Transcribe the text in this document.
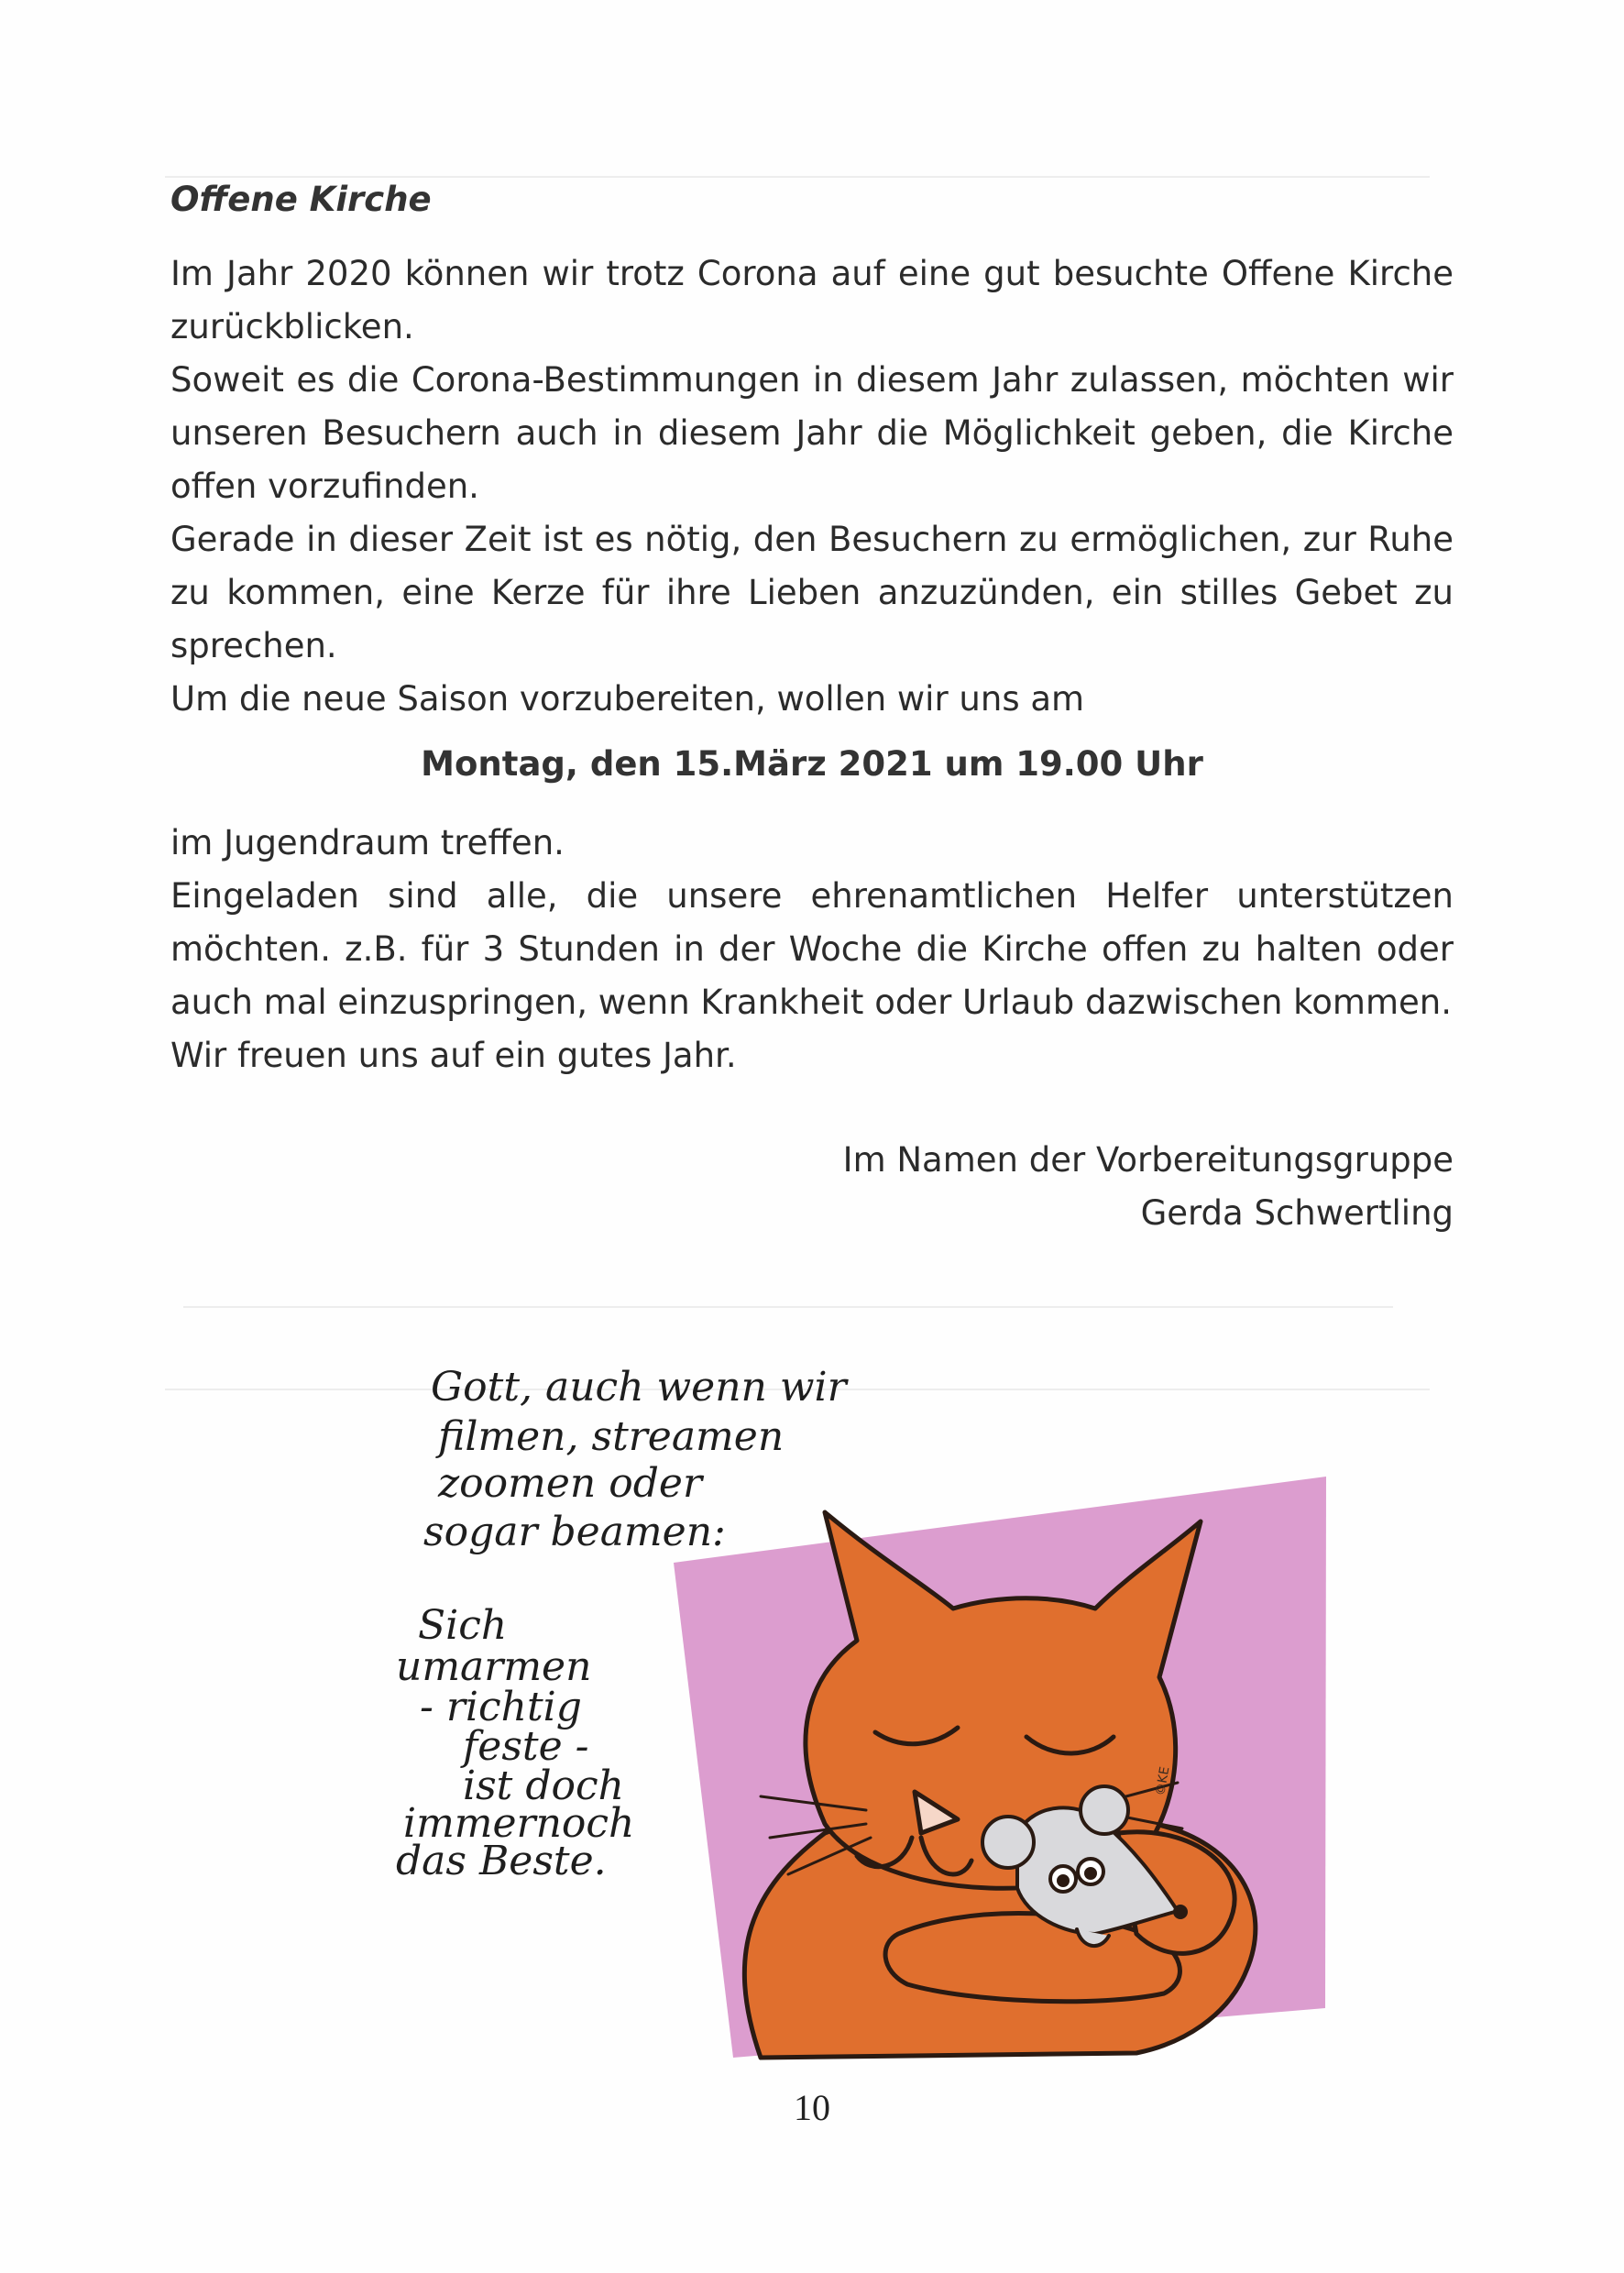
Offene Kirche

Im Jahr 2020 können wir trotz Corona auf eine gut besuchte Offene Kirche zurückblicken.

Soweit es die Corona-Bestimmungen in diesem Jahr zulassen, möchten wir unseren Besuchern auch in diesem Jahr die Möglichkeit geben, die Kirche offen vorzufinden.

Gerade in dieser Zeit ist es nötig, den Besuchern zu ermöglichen, zur Ruhe zu kommen, eine Kerze für ihre Lieben anzuzünden, ein stilles Gebet zu sprechen.

Um die neue Saison vorzubereiten, wollen wir uns am

Montag, den 15.März 2021 um 19.00 Uhr

im Jugendraum treffen.

Eingeladen sind alle, die unsere ehrenamtlichen Helfer unterstützen möchten. z.B. für 3 Stunden in der Woche die Kirche offen zu halten oder auch mal einzuspringen, wenn Krankheit oder Urlaub dazwischen kommen.

Wir freuen uns auf ein gutes Jahr.

Im Namen der Vorbereitungsgruppe
Gerda Schwertling
Gott, auch wenn wir
filmen, streamen
zoomen oder
sogar beamen:
©KE
Sich
umarmen
- richtig
feste -
ist doch
immernoch
das Beste.
10
